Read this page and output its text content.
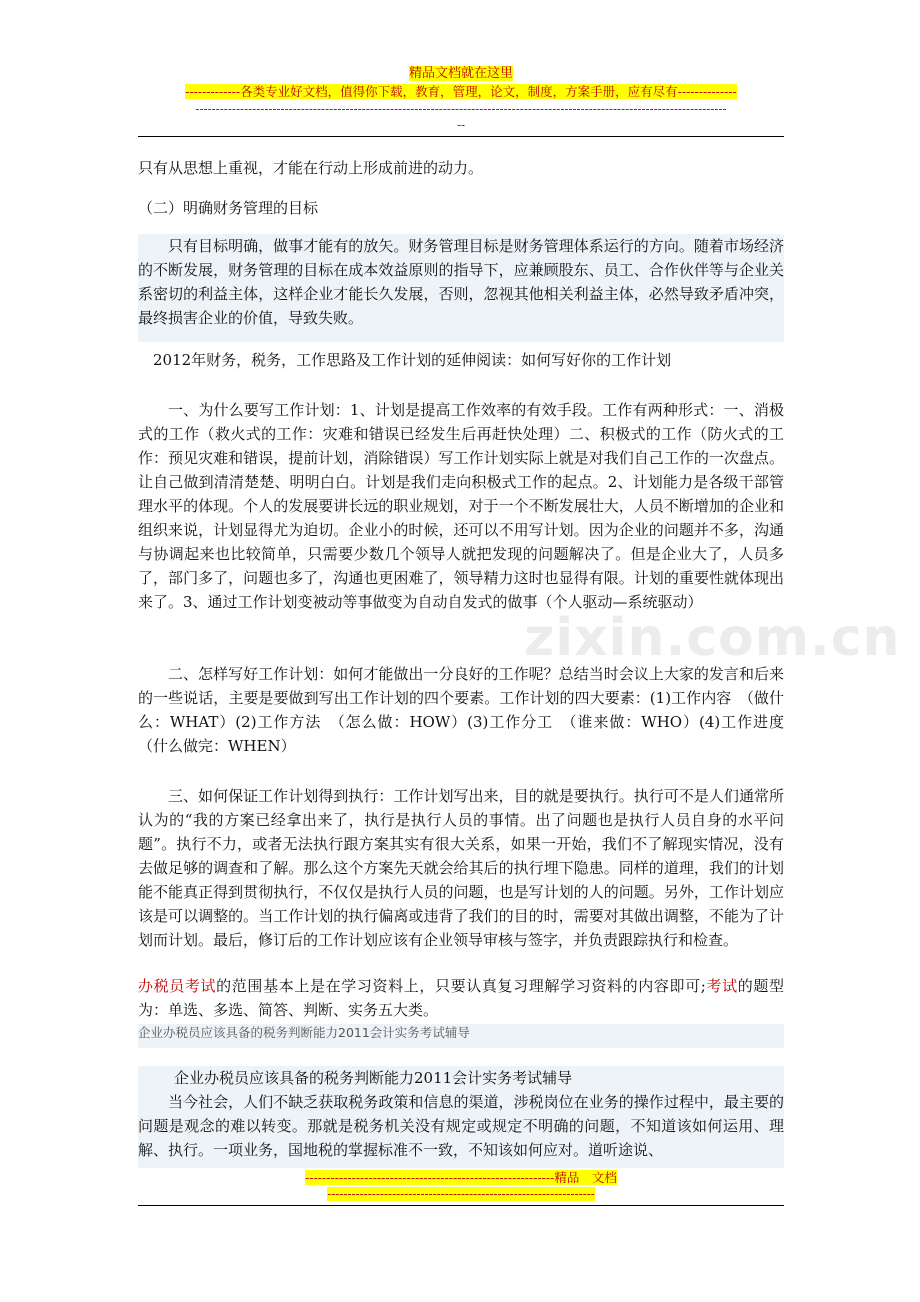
精品文档就在这里
-------------各类专业好文档，值得你下载，教育，管理，论文，制度，方案手册，应有尽有--------------
-----------------------------------------------------------------------------------------------------------------------------------
--
只有从思想上重视，才能在行动上形成前进的动力。
（二）明确财务管理的目标
只有目标明确，做事才能有的放矢。财务管理目标是财务管理体系运行的方向。随着市场经济的不断发展，财务管理的目标在成本效益原则的指导下，应兼顾股东、员工、合作伙伴等与企业关系密切的利益主体，这样企业才能长久发展，否则，忽视其他相关利益主体，必然导致矛盾冲突，最终损害企业的价值，导致失败。
2012年财务，税务，工作思路及工作计划的延伸阅读：如何写好你的工作计划
一、为什么要写工作计划：1、计划是提高工作效率的有效手段。工作有两种形式：一、消极式的工作（救火式的工作：灾难和错误已经发生后再赶快处理）二、积极式的工作（防火式的工作：预见灾难和错误，提前计划，消除错误）写工作计划实际上就是对我们自己工作的一次盘点。让自己做到清清楚楚、明明白白。计划是我们走向积极式工作的起点。2、计划能力是各级干部管理水平的体现。个人的发展要讲长远的职业规划，对于一个不断发展壮大，人员不断增加的企业和组织来说，计划显得尤为迫切。企业小的时候，还可以不用写计划。因为企业的问题并不多，沟通与协调起来也比较简单，只需要少数几个领导人就把发现的问题解决了。但是企业大了，人员多了，部门多了，问题也多了，沟通也更困难了，领导精力这时也显得有限。计划的重要性就体现出来了。3、通过工作计划变被动等事做变为自动自发式的做事（个人驱动—系统驱动）
二、怎样写好工作计划：如何才能做出一分良好的工作呢？总结当时会议上大家的发言和后来的一些说话，主要是要做到写出工作计划的四个要素。工作计划的四大要素：(1)工作内容　（做什么：WHAT）(2)工作方法　（怎么做：HOW）(3)工作分工　（谁来做：WHO）(4)工作进度　（什么做完：WHEN）
三、如何保证工作计划得到执行：工作计划写出来，目的就是要执行。执行可不是人们通常所认为的“我的方案已经拿出来了，执行是执行人员的事情。出了问题也是执行人员自身的水平问题”。执行不力，或者无法执行跟方案其实有很大关系，如果一开始，我们不了解现实情况，没有去做足够的调查和了解。那么这个方案先天就会给其后的执行埋下隐患。同样的道理，我们的计划能不能真正得到贯彻执行，不仅仅是执行人员的问题，也是写计划的人的问题。另外，工作计划应该是可以调整的。当工作计划的执行偏离或违背了我们的目的时，需要对其做出调整，不能为了计划而计划。最后，修订后的工作计划应该有企业领导审核与签字，并负责跟踪执行和检查。
办税员考试的范围基本上是在学习资料上，只要认真复习理解学习资料的内容即可;考试的题型为：单选、多选、简答、判断、实务五大类。
企业办税员应该具备的税务判断能力2011会计实务考试辅导
企业办税员应该具备的税务判断能力2011会计实务考试辅导
当今社会，人们不缺乏获取税务政策和信息的渠道，涉税岗位在业务的操作过程中，最主要的问题是观念的难以转变。那就是税务机关没有规定或规定不明确的问题，不知道该如何运用、理解、执行。一项业务，国地税的掌握标准不一致，不知该如何应对。道听途说、
-----------------------------------------------------------精品　文档
------------------------------------------------------------------
zixin.com.cn
